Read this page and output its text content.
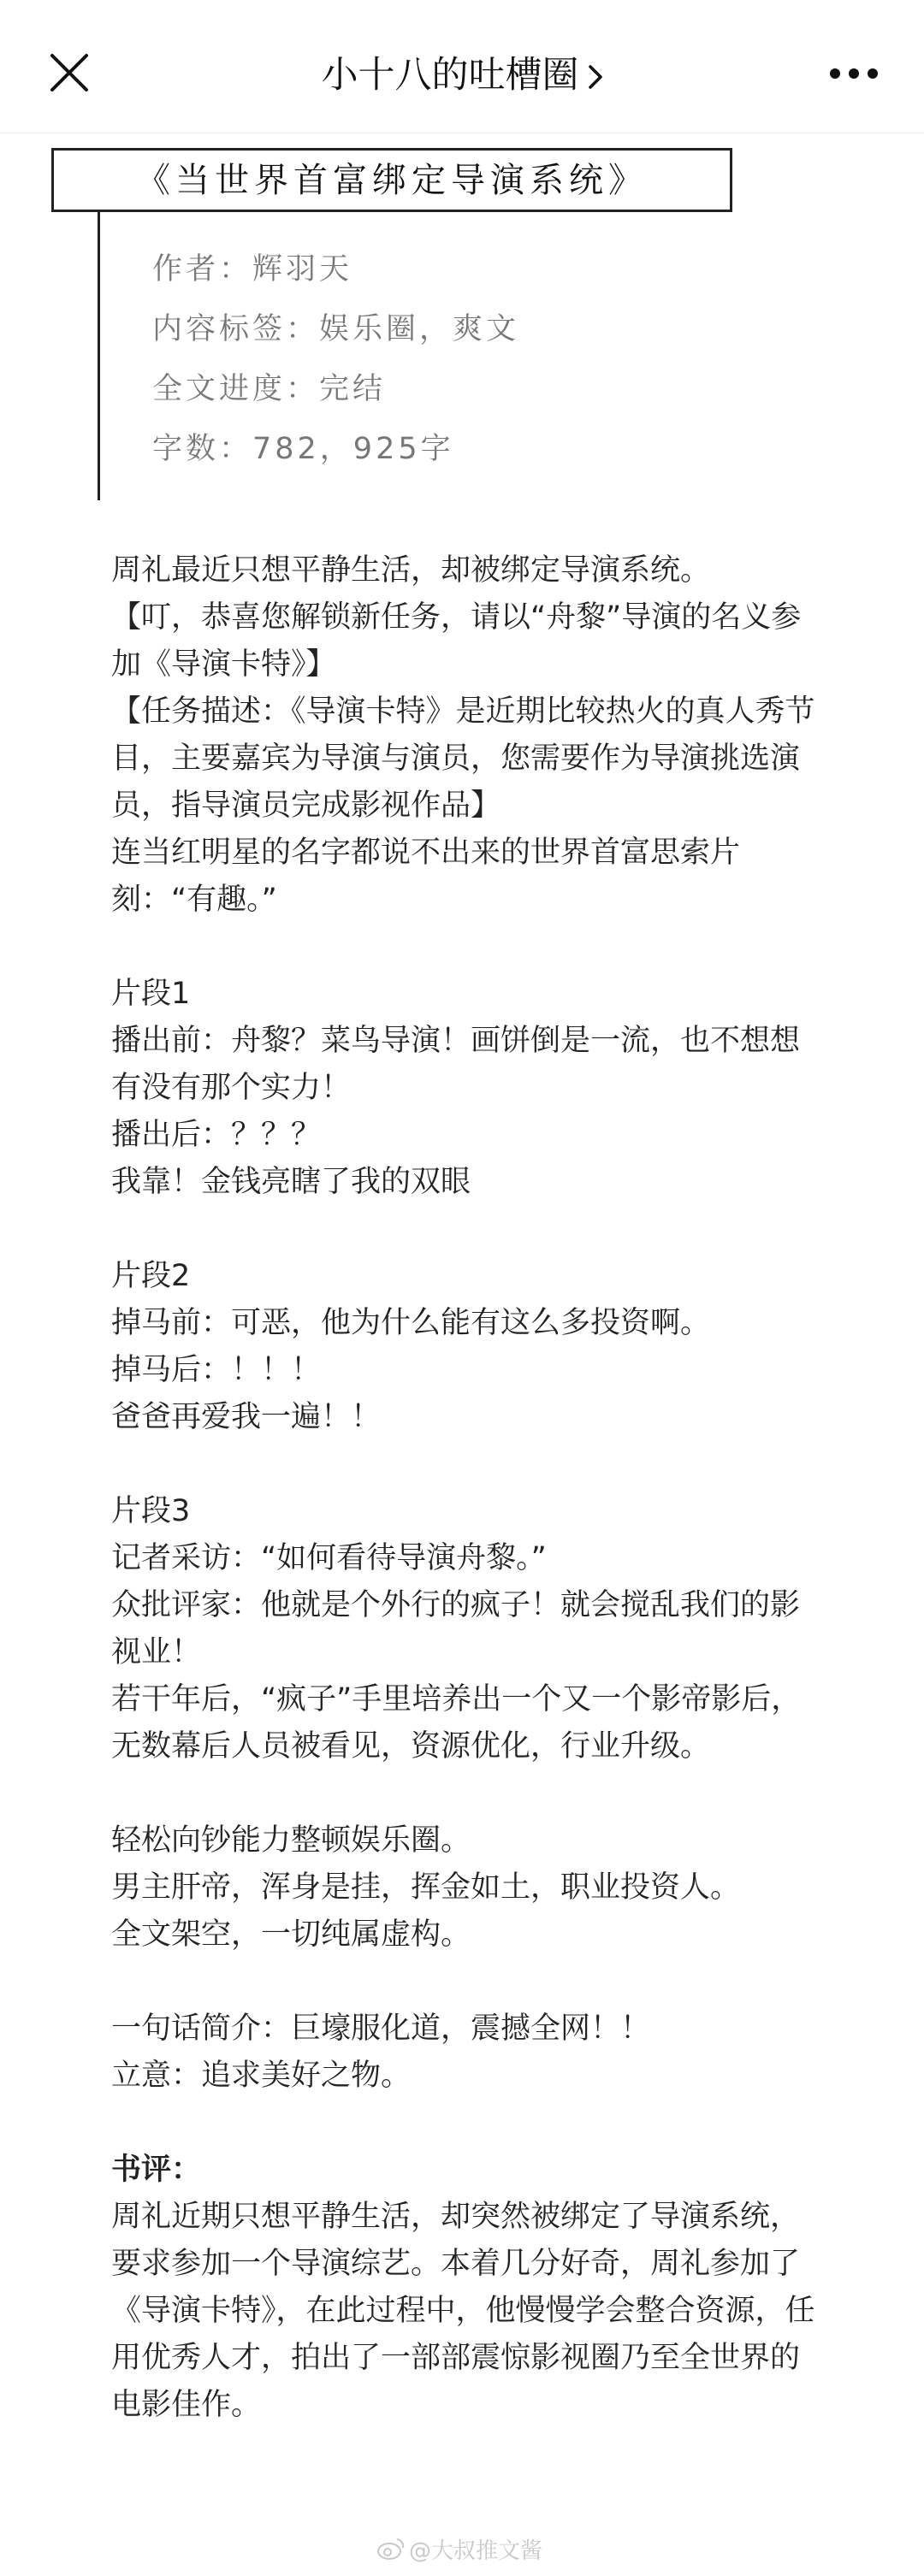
小十八的吐槽圈
《当世界首富绑定导演系统》
作者：辉羽天
内容标签：娱乐圈，爽文
全文进度：完结
字数：782，925字

周礼最近只想平静生活，却被绑定导演系统。

【叮，恭喜您解锁新任务，请以“舟黎”导演的名义参加《导演卡特》】

【任务描述：《导演卡特》是近期比较热火的真人秀节目，主要嘉宾为导演与演员，您需要作为导演挑选演员，指导演员完成影视作品】

连当红明星的名字都说不出来的世界首富思索片刻：“有趣。”

片段1

播出前：舟黎？菜鸟导演！画饼倒是一流，也不想想有没有那个实力！

播出后：？？？

我靠！金钱亮瞎了我的双眼

片段2

掉马前：可恶，他为什么能有这么多投资啊。

掉马后：！！！

爸爸再爱我一遍！！

片段3

记者采访：“如何看待导演舟黎。”

众批评家：他就是个外行的疯子！就会搅乱我们的影视业！

若干年后，“疯子”手里培养出一个又一个影帝影后，无数幕后人员被看见，资源优化，行业升级。

轻松向钞能力整顿娱乐圈。

男主肝帝，浑身是挂，挥金如土，职业投资人。

全文架空，一切纯属虚构。

一句话简介：巨壕服化道，震撼全网！！

立意：追求美好之物。

书评：

周礼近期只想平静生活，却突然被绑定了导演系统，要求参加一个导演综艺。本着几分好奇，周礼参加了《导演卡特》，在此过程中，他慢慢学会整合资源，任用优秀人才，拍出了一部部震惊影视圈乃至全世界的电影佳作。

@大叔推文酱
